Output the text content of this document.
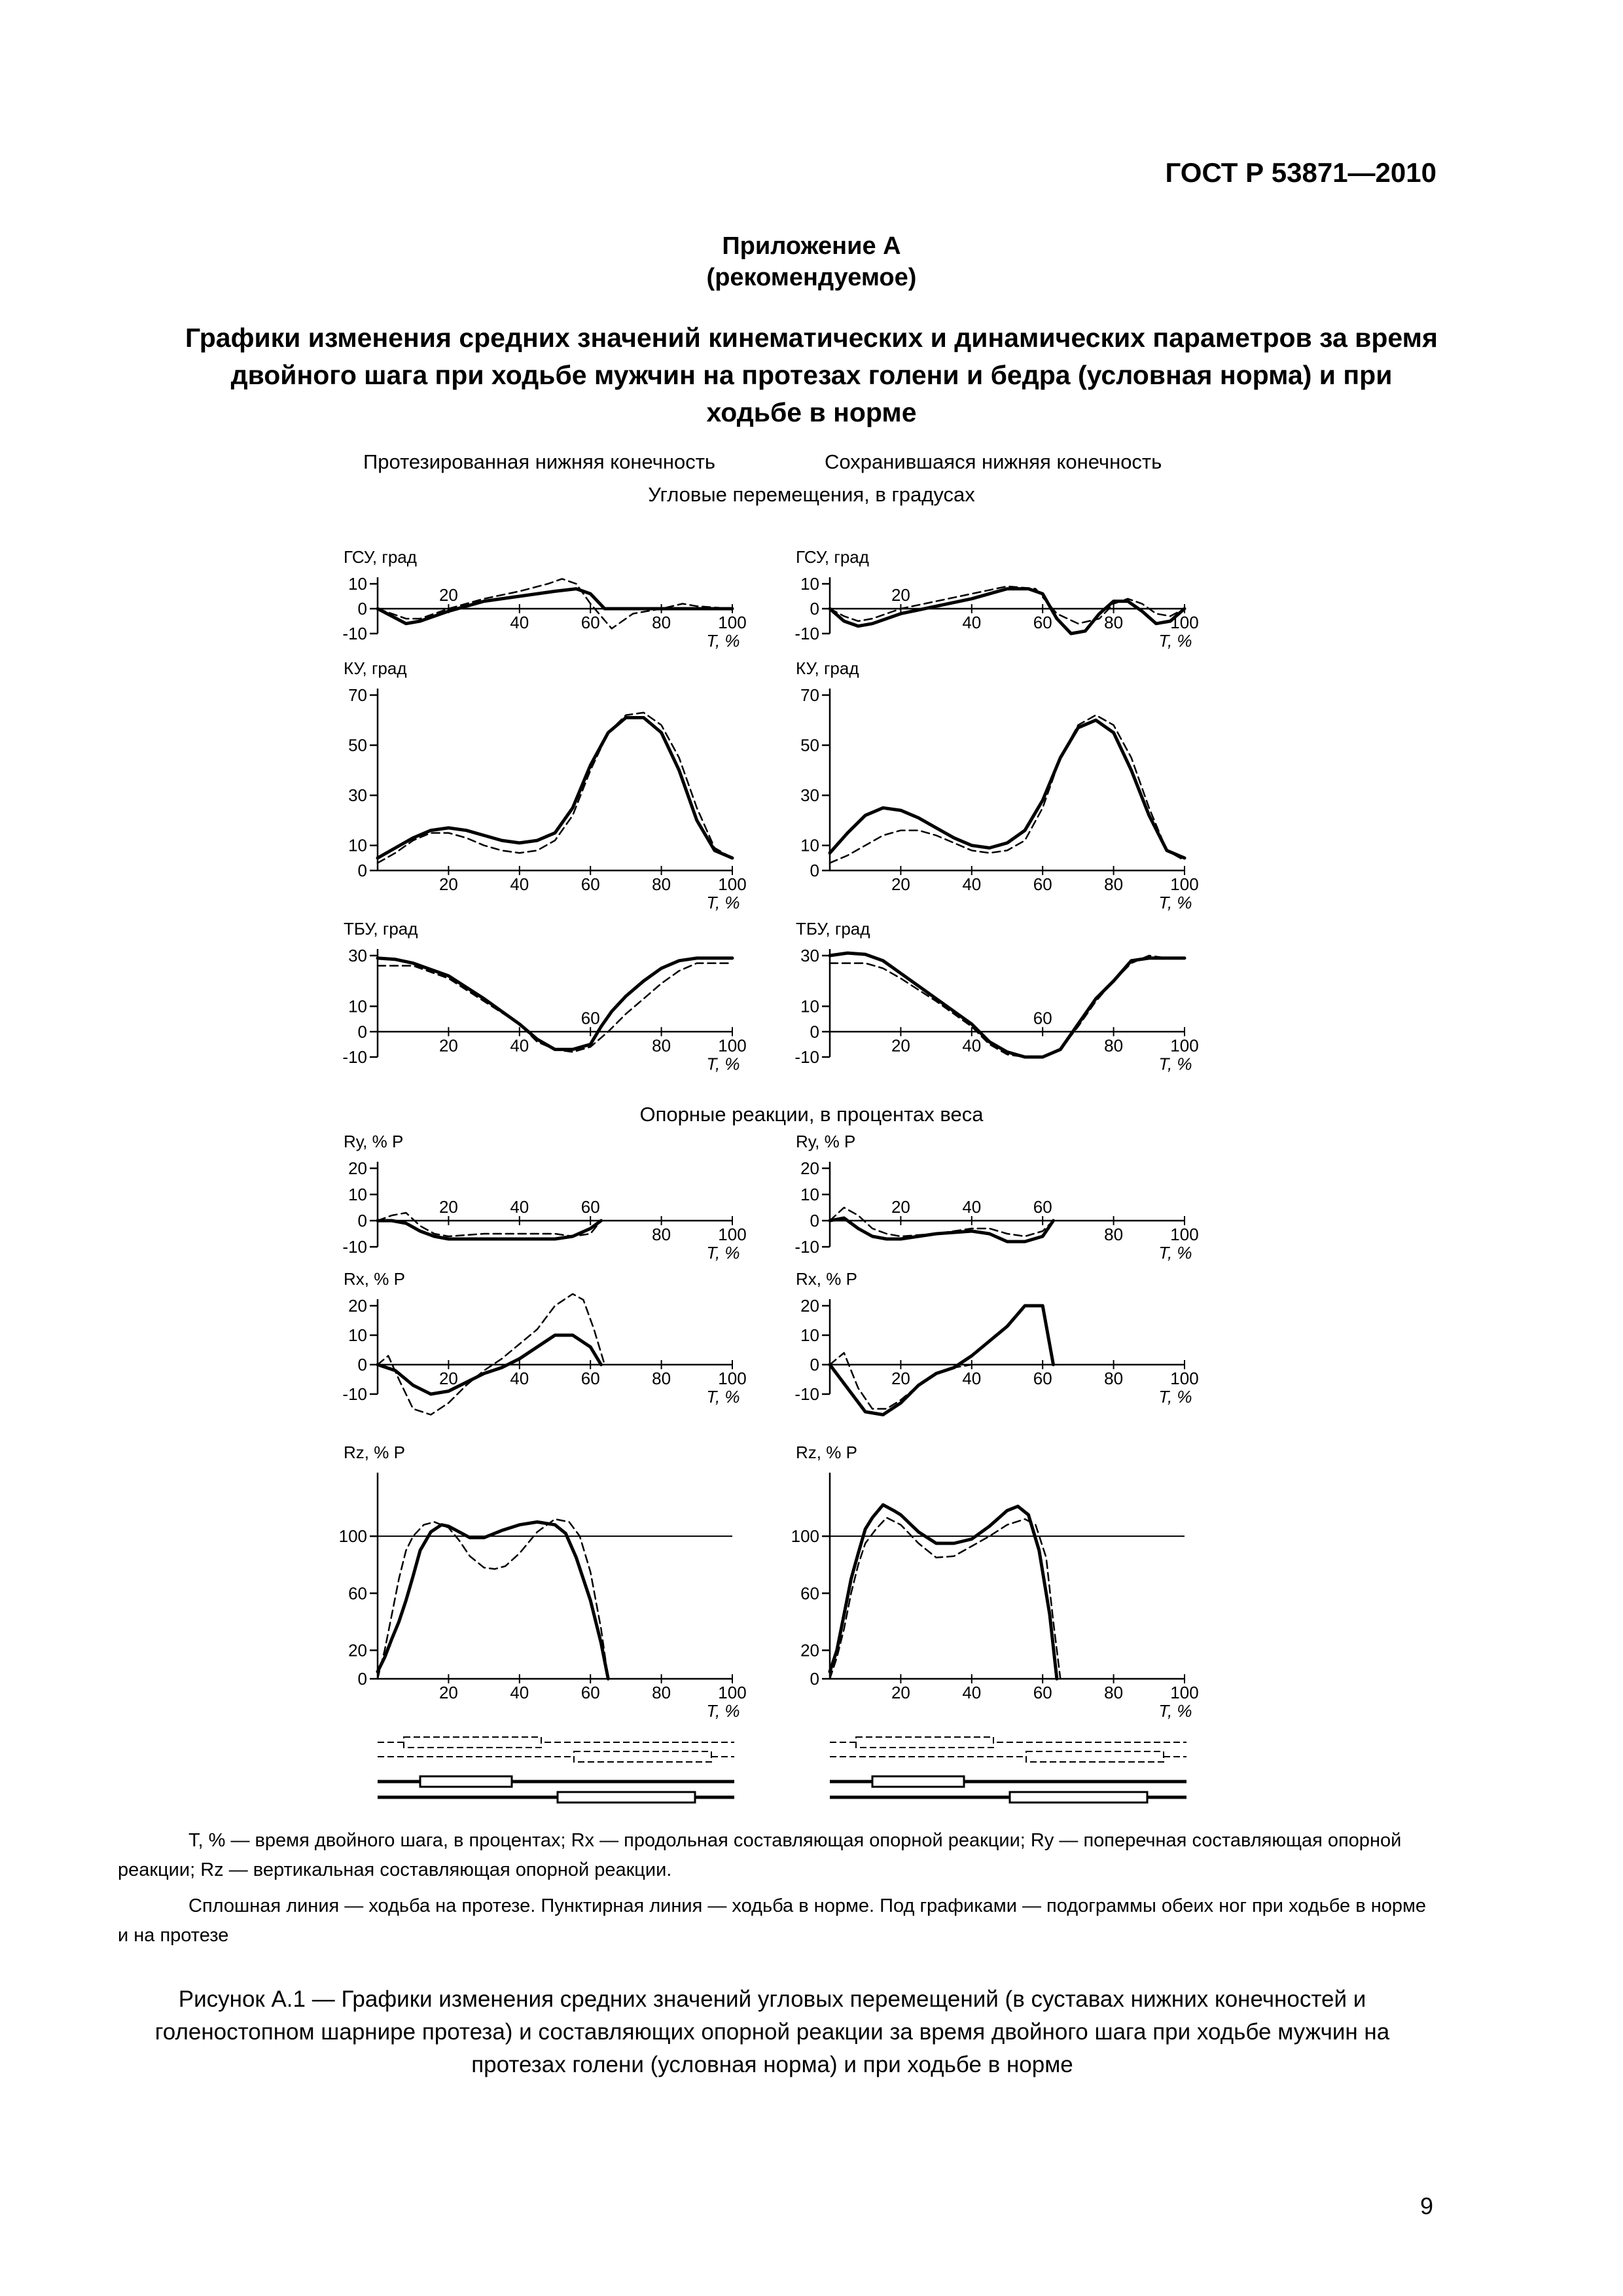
ГОСТ Р 53871—2010
Приложение А
(рекомендуемое)
Графики изменения средних значений кинематических и динамических параметров за время двойного шага при ходьбе мужчин на протезах голени и бедра (условная норма) и при ходьбе в норме
Протезированная нижняя конечность	Сохранившаяся нижняя конечность
Угловые перемещения, в градусах
Опорные реакции, в процентах веса
ГСУ, град
10
0
-10
20
40	60	80	100
T, %
ГСУ, град
10
0
-10
20
40	60	80	100
T, %
КУ, град
70
50
30
10
0
20	40	60	80	100
T, %
КУ, град
70
50
30
10
0
20	40	60	80	100
T, %
ТБУ, град
30
10
0
-10
60
20	40	80	100
T, %
ТБУ, град
30
10
0
-10
60
20	40	80	100
T, %
Rу, % Р
20
10
0
-10
20	40	60
80	100
T, %
Rу, % Р
20
10
0
-10
20	40	60
80	100
T, %
Rх, % Р
20
10
0
-10
20	40	60	80	100
T, %
Rх, % Р
20
10
0
-10
20	40	60	80	100
T, %
Rz, % Р
100
60
20
0
20	40	60	80	100
T, %
Rz, % Р
100
60
20
0
20	40	60	80	100
T, %

T, % — время двойного шага, в процентах; Rx — продольная составляющая опорной реакции; Ry — поперечная составляющая опорной реакции; Rz — вертикальная составляющая опорной реакции.

Сплошная линия — ходьба на протезе. Пунктирная линия — ходьба в норме. Под графиками — подограммы обеих ног при ходьбе в норме и на протезе

Рисунок А.1 — Графики изменения средних значений угловых перемещений (в суставах нижних конечностей и голеностопном шарнире протеза) и составляющих опорной реакции за время двойного шага при ходьбе мужчин на протезах голени (условная норма) и при ходьбе в норме
9
